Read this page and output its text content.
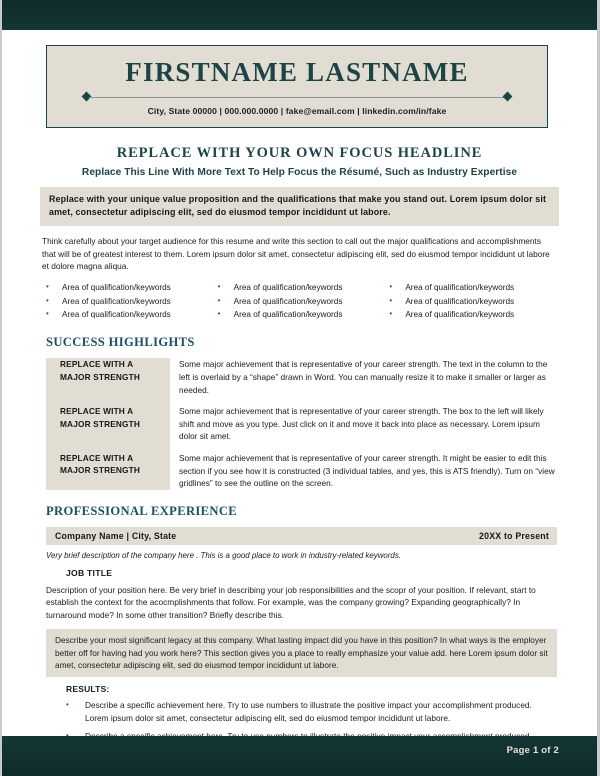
FIRSTNAME LASTNAME
City, State 00000 | 000.000.0000 | fake@email.com | linkedin.com/in/fake
REPLACE WITH YOUR OWN FOCUS HEADLINE
Replace This Line With More Text To Help Focus the Résumé, Such as Industry Expertise
Replace with your unique value proposition and the qualifications that make you stand out. Lorem ipsum dolor sit amet, consectetur adipiscing elit, sed do eiusmod tempor incididunt ut labore.
Think carefully about your target audience for this resume and write this section to call out the major qualifications and accomplishments that will be of greatest interest to them. Lorem ipsum dolor sit amet, consectetur adipiscing elit, sed do eiusmod tempor incididunt ut labore et dolore magna aliqua.
•	Area of qualification/keywords	•	Area of qualification/keywords	•	Area of qualification/keywords
•	Area of qualification/keywords	•	Area of qualification/keywords	•	Area of qualification/keywords
•	Area of qualification/keywords	•	Area of qualification/keywords	•	Area of qualification/keywords
SUCCESS HIGHLIGHTS
REPLACE WITH A MAJOR STRENGTH
Some major achievement that is representative of your career strength. The text in the column to the left is overlaid by a “shape” drawn in Word. You can manually resize it to make it smaller or larger as needed.
REPLACE WITH A MAJOR STRENGTH
Some major achievement that is representative of your career strength. The box to the left will likely shift and move as you type. Just click on it and move it back into place as necessary. Lorem ipsum dolor sit amet.
REPLACE WITH A MAJOR STRENGTH
Some major achievement that is representative of your career strength. It might be easier to edit this section if you see how it is constructed (3 individual tables, and yes, this is ATS friendly). Turn on “view gridlines” to see the outline on the screen.
PROFESSIONAL EXPERIENCE
Company Name | City, State	20XX to Present
Very brief description of the company here . This is a good place to work in industry-related keywords.
JOB TITLE
Description of your position here. Be very brief in describing your job responsibilities and the scopr of your position. If relevant, start to establish the context for the acocmplishments that follow. For example, was the company growing? Expanding geographically? In turnaround mode? In some other transition? Briefly describe this.
Describe your most significant legacy at this company. What lasting impact did you have in this position? In what ways is the employer better off for having had you work here? This section gives you a place to really emphasize your value add. here Lorem ipsum dolor sit amet, consectetur adipiscing elit, sed do eiusmod tempor incididunt ut labore.
RESULTS:
•	Describe a specific achievement here. Try to use numbers to illustrate the positive impact your accomplishment produced. Lorem ipsum dolor sit amet, consectetur adipiscing elit, sed do eiusmod tempor incididunt ut labore.
Page 1 of 2
